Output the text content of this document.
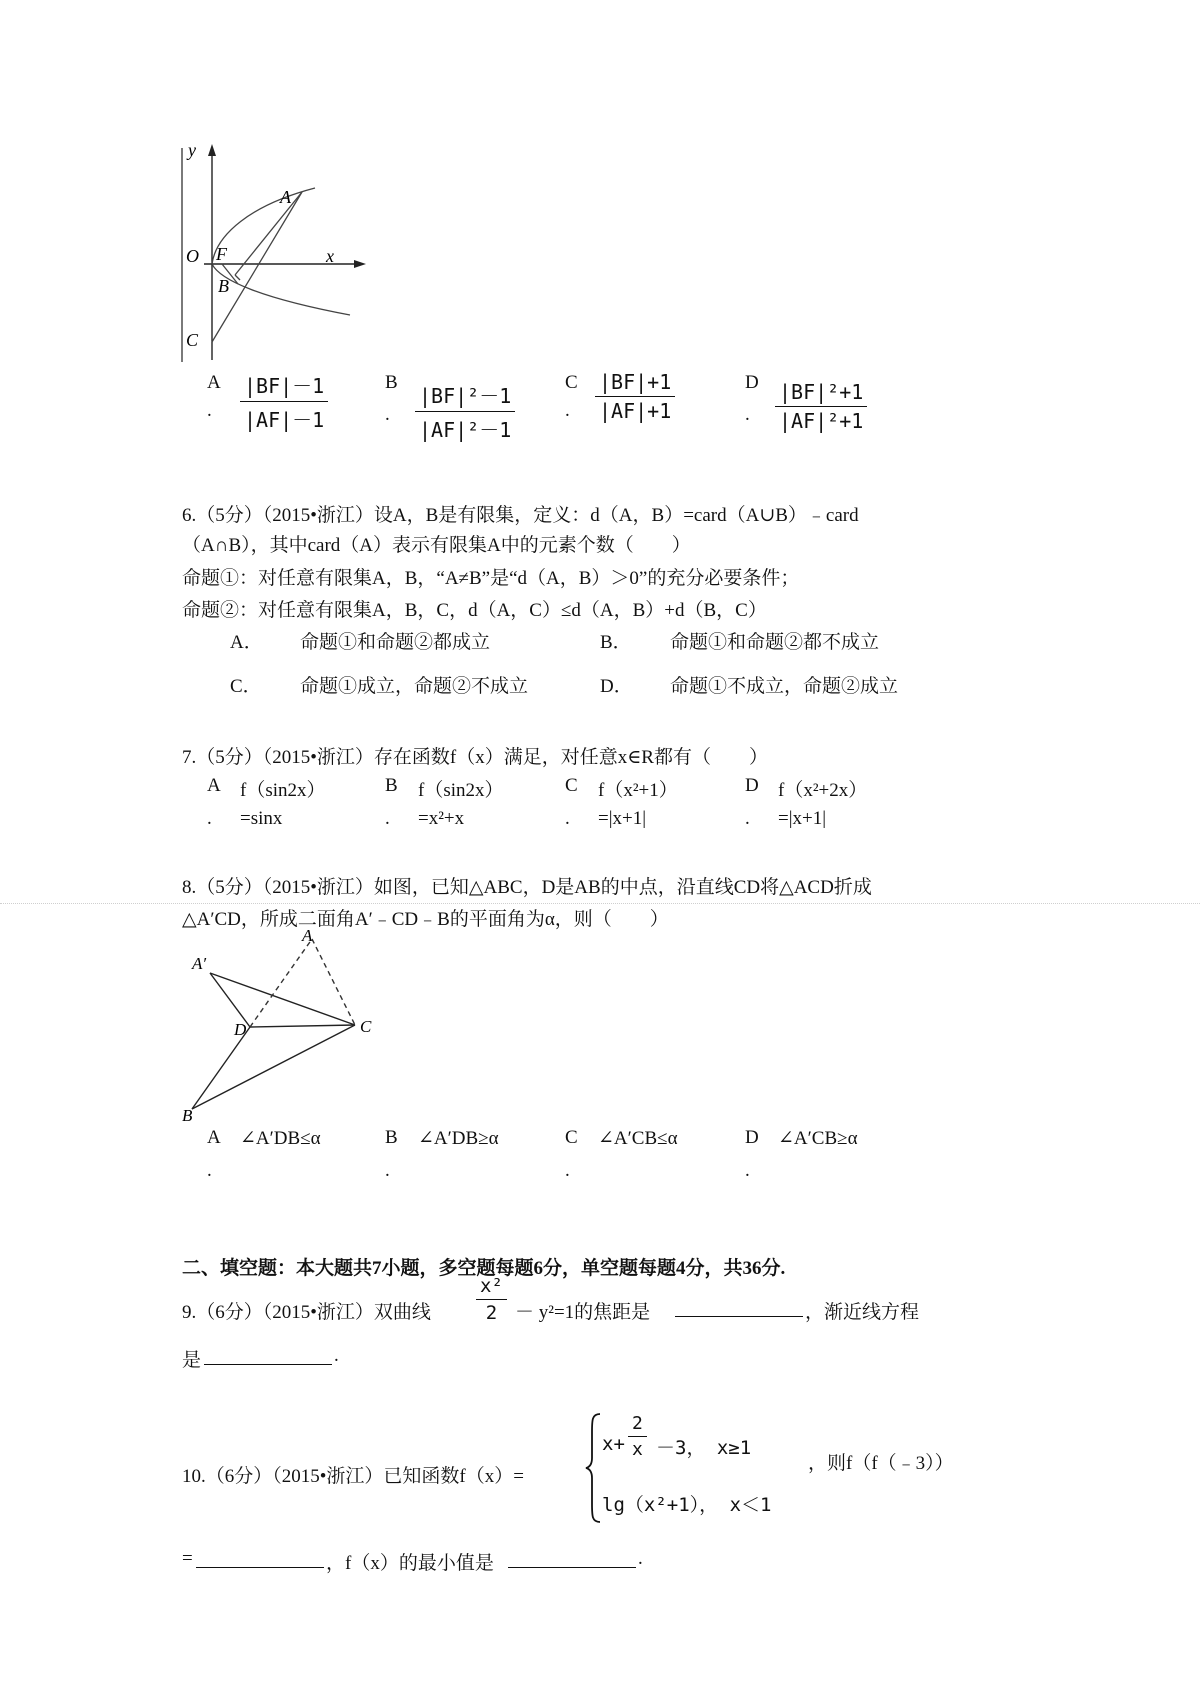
y
x
O F
A
B
C
A
.
|BF|－1
|AF|－1
B
.
|BF|²－1
|AF|²－1
C
.
|BF|+1
|AF|+1
D
.
|BF|²+1
|AF|²+1
6.（5分）（2015•浙江）设A，B是有限集，定义：d（A，B）=card（A∪B）﹣card
（A∩B），其中card（A）表示有限集A中的元素个数（　　）
命题①：对任意有限集A，B，“A≠B”是“d（A，B）＞0”的充分必要条件；
命题②：对任意有限集A，B，C，d（A，C）≤d（A，B）+d（B，C）
A． 命题①和命题②都成立	B． 命题①和命题②都不成立
C． 命题①成立，命题②不成立	D． 命题①不成立，命题②成立
7.（5分）（2015•浙江）存在函数f（x）满足，对任意x∈R都有（　　）
A f（sin2x）
. =sinx
B f（sin2x）
. =x²+x
C f（x²+1）
. =|x+1|
D f（x²+2x）
. =|x+1|
8.（5分）（2015•浙江）如图，已知△ABC，D是AB的中点，沿直线CD将△ACD折成
△A′CD，所成二面角A′﹣CD﹣B的平面角为α，则（　　）
A
A′
D	C
B
A ∠A′DB≤α
.
B ∠A′DB≥α
.
C ∠A′CB≤α
.
D ∠A′CB≥α
.
二、填空题：本大题共7小题，多空题每题6分，单空题每题4分，共36分.
9.（6分）（2015•浙江）双曲线
x²
2 － y²=1的焦距是	，渐近线方程
是	.
10.（6分）（2015•浙江）已知函数f（x）=
x+
2
x －3， x≥1
lg（x²+1）， x＜1
，则f（f（﹣3））
=	，f（x）的最小值是	.
